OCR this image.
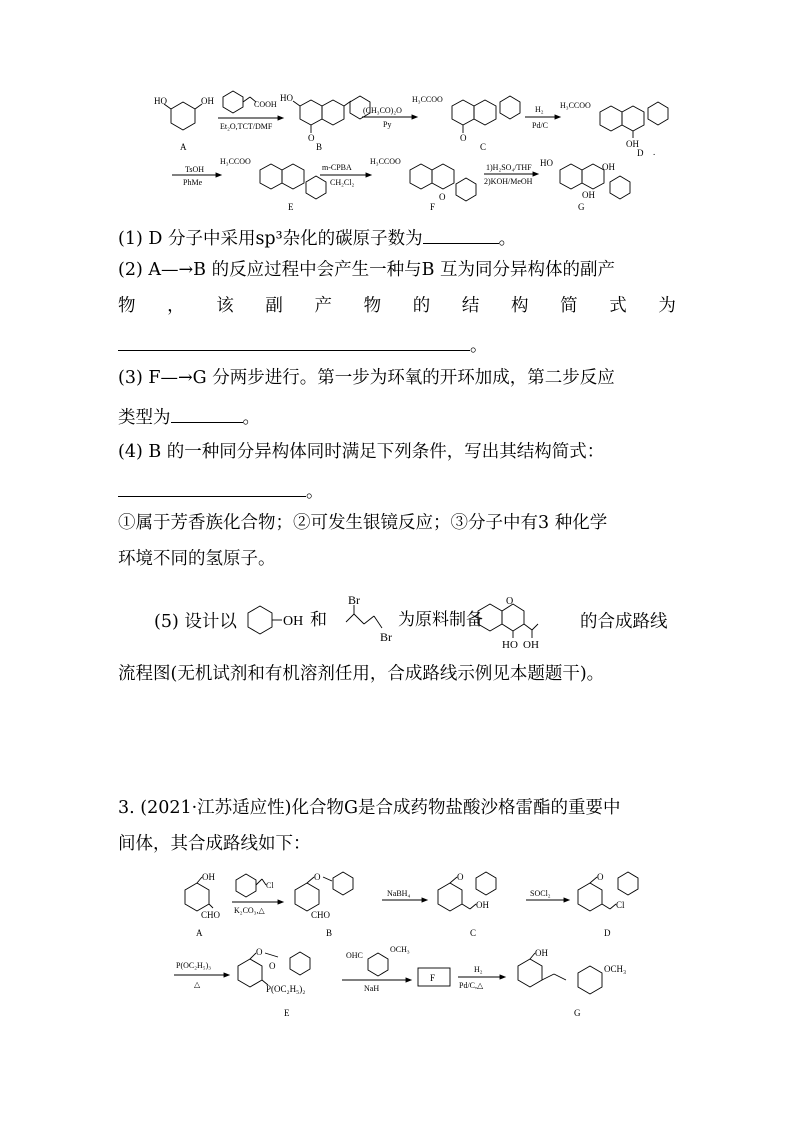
HO	OH
A
COOH
Et₂O,TCT/DMF
O
HO
B
(CH₃CO)₂O
Py
H₃CCOO
O
C
H₂
Pd/C
H₃CCOO
OH
D .
TsOH
PhMe
H₃CCOO
E
m-CPBA
CH₂Cl₂
H₃CCOO
O
F
1)H₂SO₄/THF
2)KOH/MeOH
HO	OH
OH
G
(1) D 分子中采用sp³杂化的碳原子数为	。
(2) A—→B 的反应过程中会产生一种与B 互为同分异构体的副产
物 ， 该 副 产 物 的 结 构 简 式 为
。
(3) F—→G 分两步进行。第一步为环氧的开环加成，第二步反应
类型为	。
(4) B 的一种同分异构体同时满足下列条件，写出其结构简式：
。
①属于芳香族化合物；②可发生银镜反应；③分子中有3 种化学
环境不同的氢原子。
(5) 设计以	OH 和
Br
Br
为原料制备
O
HO OH
的合成路线
流程图(无机试剂和有机溶剂任用，合成路线示例见本题题干)。
3. (2021·江苏适应性)化合物G是合成药物盐酸沙格雷酯的重要中
间体，其合成路线如下：
OH
CHO
A
Cl
K₂CO₃,△
O
CHO
B
NaBH₄
O
OH
C
SOCl₂
O
Cl
D
P(OC₂H₅)₃
△
O
O
P(OC₂H₅)₂
E
OHC
OCH₃
NaH
F
H₂
Pd/C,△
OH
OCH₃
G
